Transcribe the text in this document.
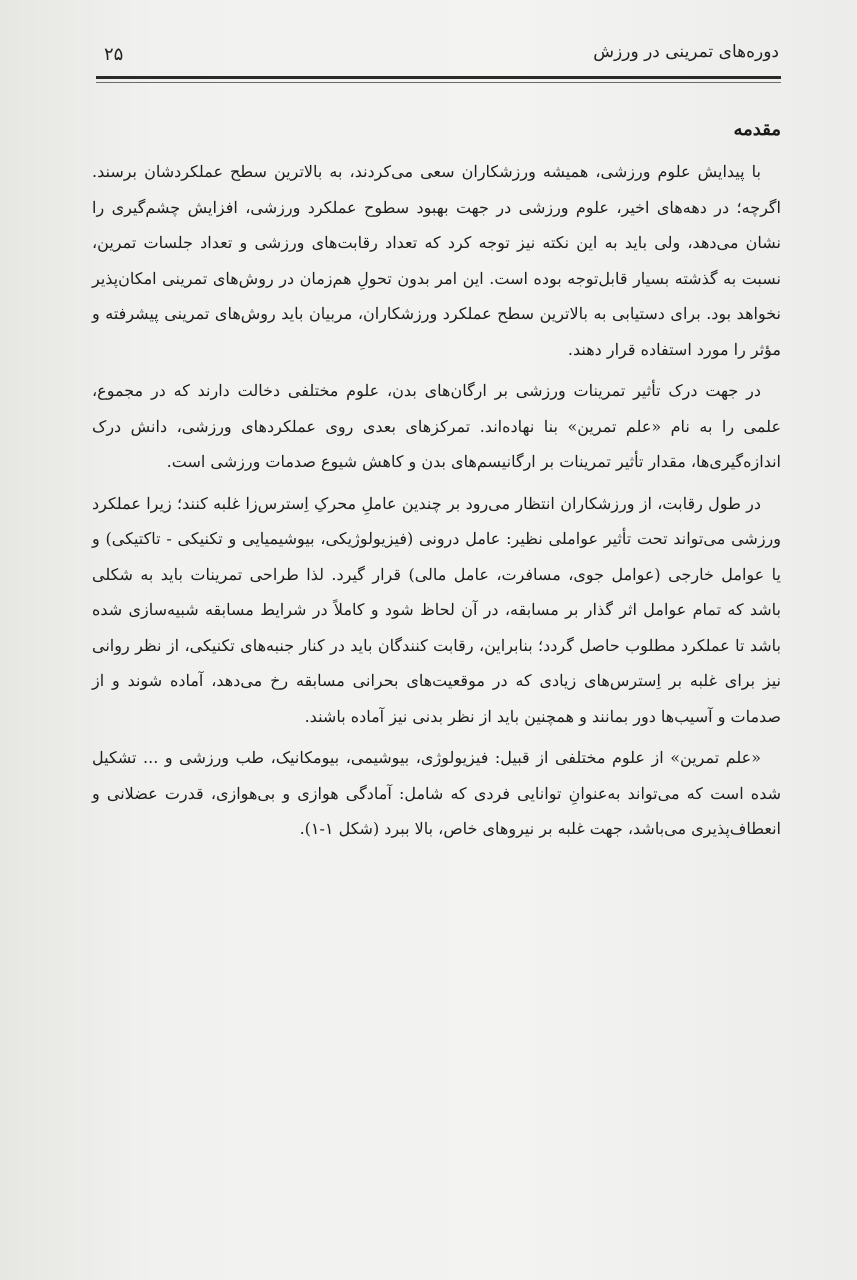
دوره‌های تمرینی در ورزش
۲۵
مقدمه

با پیدایش علوم ورزشی، همیشه ورزشکاران سعی می‌کردند، به بالاترین سطح عملکردشان برسند. اگرچه؛ در دهه‌های اخیر، علوم ورزشی در جهت بهبود سطوح عملکرد ورزشی، افزایش چشم‌گیری را نشان می‌دهد، ولی باید به این نکته نیز توجه کرد که تعداد رقابت‌های ورزشی و تعداد جلسات تمرین، نسبت به گذشته بسیار قابل‌توجه بوده است. این امر بدون تحولِ هم‌زمان در روش‌های تمرینی امکان‌پذیر نخواهد بود. برای دستیابی به بالاترین سطح عملکرد ورزشکاران، مربیان باید روش‌های تمرینی پیشرفته و مؤثر را مورد استفاده قرار دهند.

در جهت درک تأثیر تمرینات ورزشی بر ارگان‌های بدن، علوم مختلفی دخالت دارند که در مجموع، علمی را به نام «علم تمرین» بنا نهاده‌اند. تمرکزهای بعدی روی عملکردهای ورزشی، دانش درک اندازه‌گیری‌ها، مقدار تأثیر تمرینات بر ارگانیسم‌های بدن و کاهش شیوع صدمات ورزشی است.

در طول رقابت، از ورزشکاران انتظار می‌رود بر چندین عاملِ محرکِ اِسترس‌زا غلبه کنند؛ زیرا عملکرد ورزشی می‌تواند تحت تأثیر عواملی نظیر: عامل درونی (فیزیولوژیکی، بیوشیمیایی و تکنیکی - تاکتیکی) و یا عوامل خارجی (عوامل جوی، مسافرت، عامل مالی) قرار گیرد. لذا طراحی تمرینات باید به شکلی باشد که تمام عوامل اثر گذار بر مسابقه، در آن لحاظ شود و کاملاً در شرایط مسابقه شبیه‌سازی شده باشد تا عملکرد مطلوب حاصل گردد؛ بنابراین، رقابت کنندگان باید در کنار جنبه‌های تکنیکی، از نظر روانی نیز برای غلبه بر اِسترس‌های زیادی که در موقعیت‌های بحرانی مسابقه رخ می‌دهد، آماده شوند و از صدمات و آسیب‌ها دور بمانند و همچنین باید از نظر بدنی نیز آماده باشند.

«علم تمرین» از علوم مختلفی از قبیل: فیزیولوژی، بیوشیمی، بیومکانیک، طب ورزشی و ... تشکیل شده است که می‌تواند به‌عنوانِ توانایی فردی که شامل: آمادگی هوازی و بی‌هوازی، قدرت عضلانی و انعطاف‌پذیری می‌باشد، جهت غلبه بر نیروهای خاص، بالا ببرد (شکل ۱-۱).
